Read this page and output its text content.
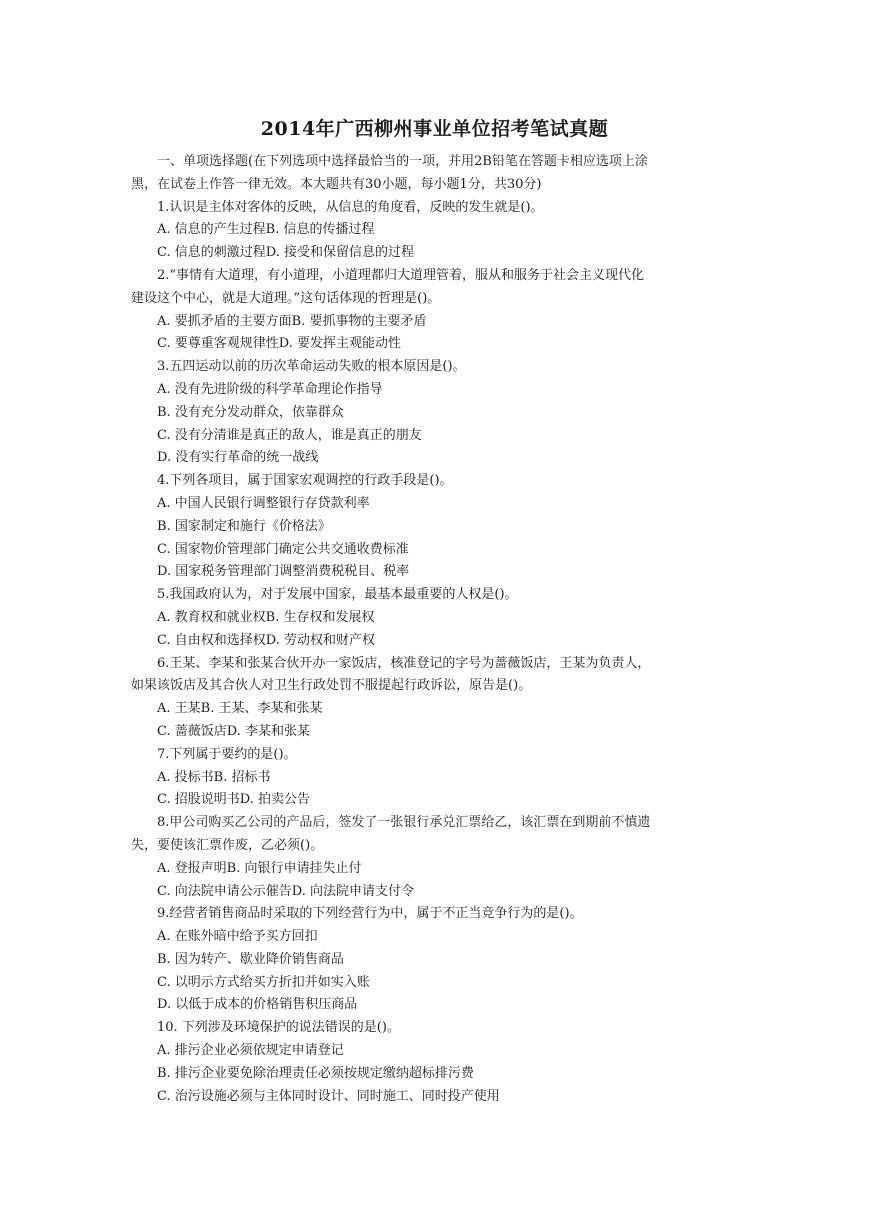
2014年广西柳州事业单位招考笔试真题
一、单项选择题(在下列选项中选择最恰当的一项，并用2B铅笔在答题卡相应选项上涂
黑，在试卷上作答一律无效。本大题共有30小题，每小题1分，共30分)
1.认识是主体对客体的反映，从信息的角度看，反映的发生就是()。
A. 信息的产生过程B. 信息的传播过程
C. 信息的刺激过程D. 接受和保留信息的过程
2.“事情有大道理，有小道理，小道理都归大道理管着，服从和服务于社会主义现代化
建设这个中心，就是大道理。”这句话体现的哲理是()。
A. 要抓矛盾的主要方面B. 要抓事物的主要矛盾
C. 要尊重客观规律性D. 要发挥主观能动性
3.五四运动以前的历次革命运动失败的根本原因是()。
A. 没有先进阶级的科学革命理论作指导
B. 没有充分发动群众，依靠群众
C. 没有分清谁是真正的敌人，谁是真正的朋友
D. 没有实行革命的统一战线
4.下列各项目，属于国家宏观调控的行政手段是()。
A. 中国人民银行调整银行存贷款利率
B. 国家制定和施行《价格法》
C. 国家物价管理部门确定公共交通收费标准
D. 国家税务管理部门调整消费税税目、税率
5.我国政府认为，对于发展中国家，最基本最重要的人权是()。
A. 教育权和就业权B. 生存权和发展权
C. 自由权和选择权D. 劳动权和财产权
6.王某、李某和张某合伙开办一家饭店，核准登记的字号为蔷薇饭店，王某为负责人，
如果该饭店及其合伙人对卫生行政处罚不服提起行政诉讼，原告是()。
A. 王某B. 王某、李某和张某
C. 蔷薇饭店D. 李某和张某
7.下列属于要约的是()。
A. 投标书B. 招标书
C. 招股说明书D. 拍卖公告
8.甲公司购买乙公司的产品后，签发了一张银行承兑汇票给乙，该汇票在到期前不慎遗
失，要使该汇票作废，乙必须()。
A. 登报声明B. 向银行申请挂失止付
C. 向法院申请公示催告D. 向法院申请支付令
9.经营者销售商品时采取的下列经营行为中，属于不正当竞争行为的是()。
A. 在账外暗中给予买方回扣
B. 因为转产、歇业降价销售商品
C. 以明示方式给买方折扣并如实入账
D. 以低于成本的价格销售积压商品
10. 下列涉及环境保护的说法错误的是()。
A. 排污企业必须依规定申请登记
B. 排污企业要免除治理责任必须按规定缴纳超标排污费
C. 治污设施必须与主体同时设计、同时施工、同时投产使用
